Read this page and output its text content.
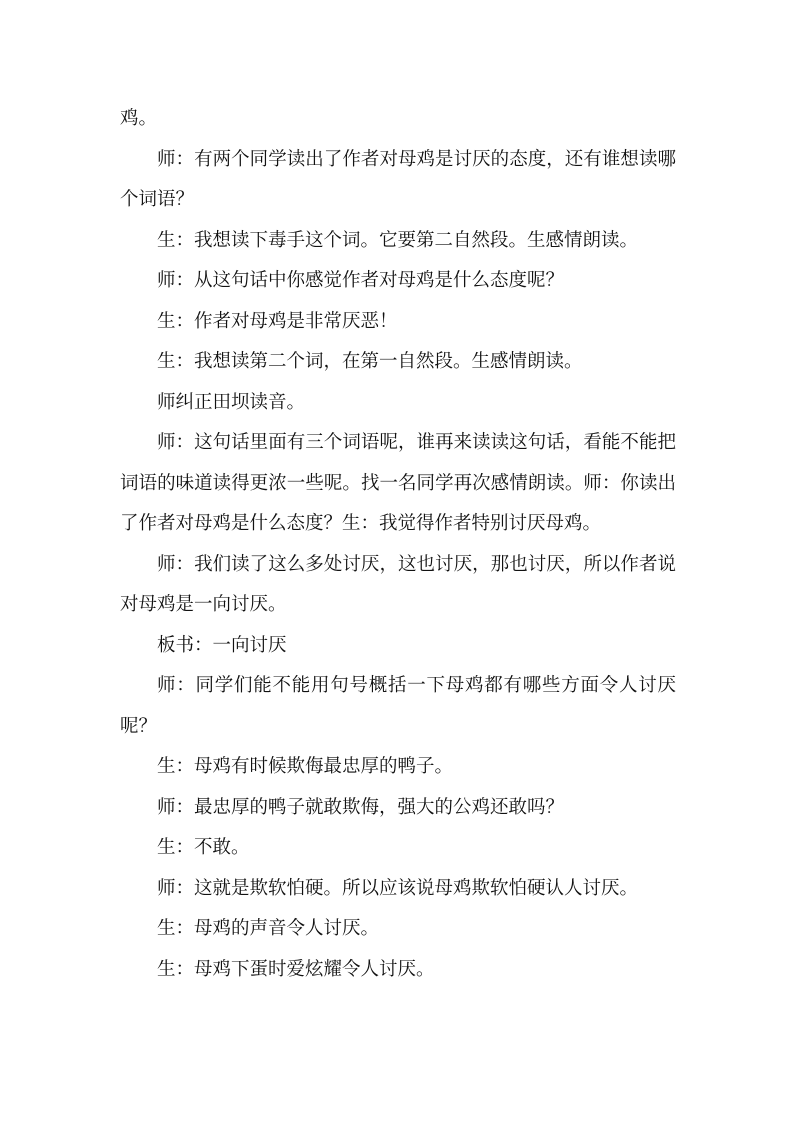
鸡。

师：有两个同学读出了作者对母鸡是讨厌的态度，还有谁想读哪个词语？

生：我想读下毒手这个词。它要第二自然段。生感情朗读。

师：从这句话中你感觉作者对母鸡是什么态度呢？

生：作者对母鸡是非常厌恶！

生：我想读第二个词，在第一自然段。生感情朗读。

师纠正田坝读音。

师：这句话里面有三个词语呢，谁再来读读这句话，看能不能把词语的味道读得更浓一些呢。找一名同学再次感情朗读。师：你读出了作者对母鸡是什么态度？生：我觉得作者特别讨厌母鸡。

师：我们读了这么多处讨厌，这也讨厌，那也讨厌，所以作者说对母鸡是一向讨厌。

板书：一向讨厌

师：同学们能不能用句号概括一下母鸡都有哪些方面令人讨厌呢？

生：母鸡有时候欺侮最忠厚的鸭子。

师：最忠厚的鸭子就敢欺侮，强大的公鸡还敢吗？

生：不敢。

师：这就是欺软怕硬。所以应该说母鸡欺软怕硬认人讨厌。

生：母鸡的声音令人讨厌。

生：母鸡下蛋时爱炫耀令人讨厌。
